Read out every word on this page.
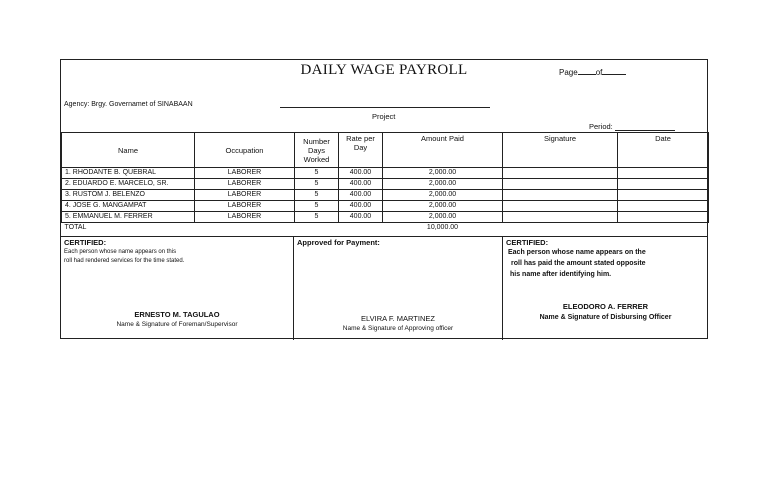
DAILY WAGE PAYROLL	Page of
Agency: Brgy. Governamet of SINABAAN
Project
Period:
Name	Occupation	Number Days Worked	Rate per Day	Amount Paid	Signature	Date
1. RHODANTE B. QUEBRAL	LABORER	5	400.00	2,000.00		
2. EDUARDO E. MARCELO, SR.	LABORER	5	400.00	2,000.00		
3. RUSTOM J. BELENZO	LABORER	5	400.00	2,000.00		
4. JOSE G. MANGAMPAT	LABORER	5	400.00	2,000.00		
5. EMMANUEL M. FERRER	LABORER	5	400.00	2,000.00		
TOTAL				10,000.00		
CERTIFIED:
Each person whose name appears on this
roll had rendered services for the time stated.
ERNESTO M. TAGULAO
Name & Signature of Foreman/Supervisor
Approved for Payment:
ELVIRA F. MARTINEZ
Name & Signature of Approving officer
CERTIFIED:
Each person whose name appears on the
roll has paid the amount stated opposite
his name after identifying him.
ELEODORO A. FERRER
Name & Signature of Disbursing Officer
